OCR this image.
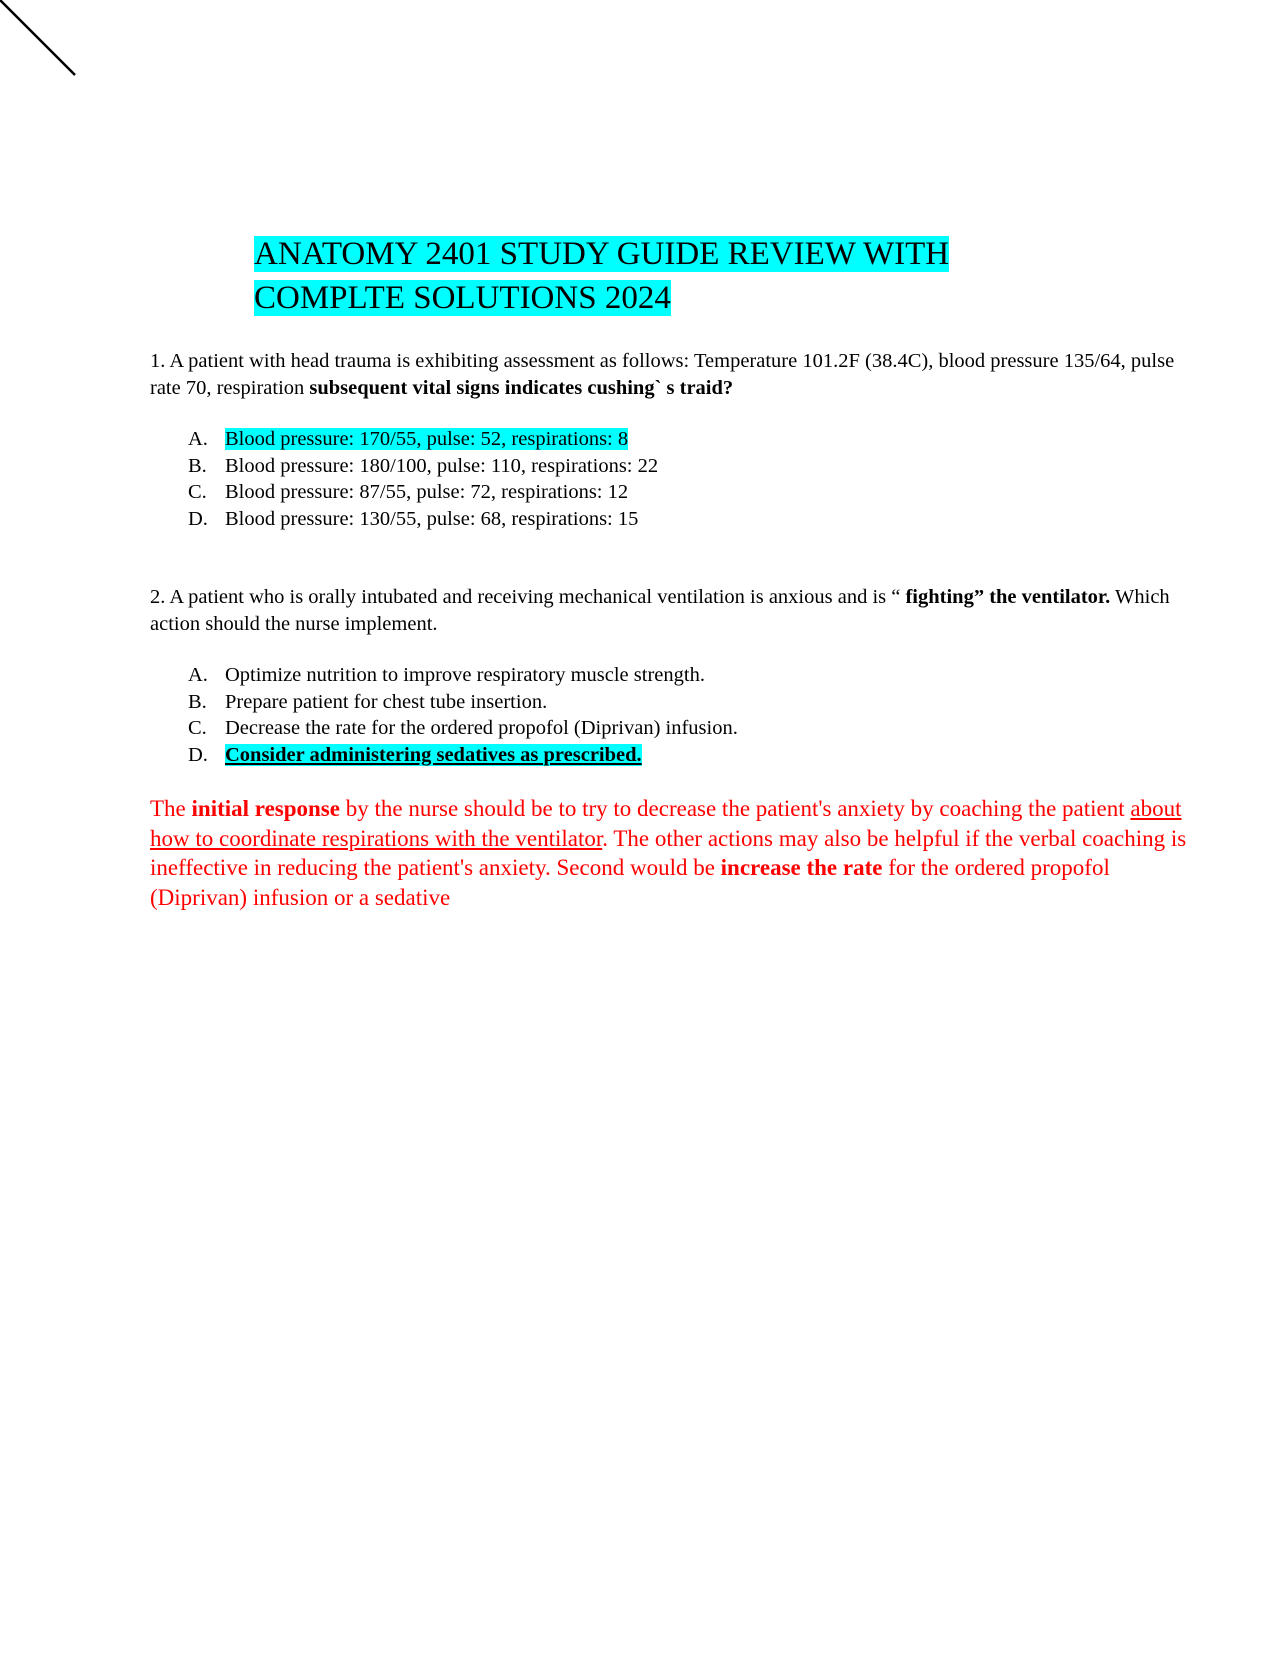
ANATOMY 2401 STUDY GUIDE REVIEW WITH
COMPLTE SOLUTIONS 2024

1. A patient with head trauma is exhibiting assessment as follows: Temperature 101.2F (38.4C), blood pressure 135/64, pulse rate 70, respiration subsequent vital signs indicates cushing` s traid?

A. Blood pressure: 170/55, pulse: 52, respirations: 8
B. Blood pressure: 180/100, pulse: 110, respirations: 22
C. Blood pressure: 87/55, pulse: 72, respirations: 12
D. Blood pressure: 130/55, pulse: 68, respirations: 15

2. A patient who is orally intubated and receiving mechanical ventilation is anxious and is “ fighting” the ventilator. Which action should the nurse implement.

A. Optimize nutrition to improve respiratory muscle strength.
B. Prepare patient for chest tube insertion.
C. Decrease the rate for the ordered propofol (Diprivan) infusion.
D. Consider administering sedatives as prescribed.

The initial response by the nurse should be to try to decrease the patient's anxiety by coaching the patient about how to coordinate respirations with the ventilator. The other actions may also be helpful if the verbal coaching is ineffective in reducing the patient's anxiety. Second would be increase the rate for the ordered propofol (Diprivan) infusion or a sedative
